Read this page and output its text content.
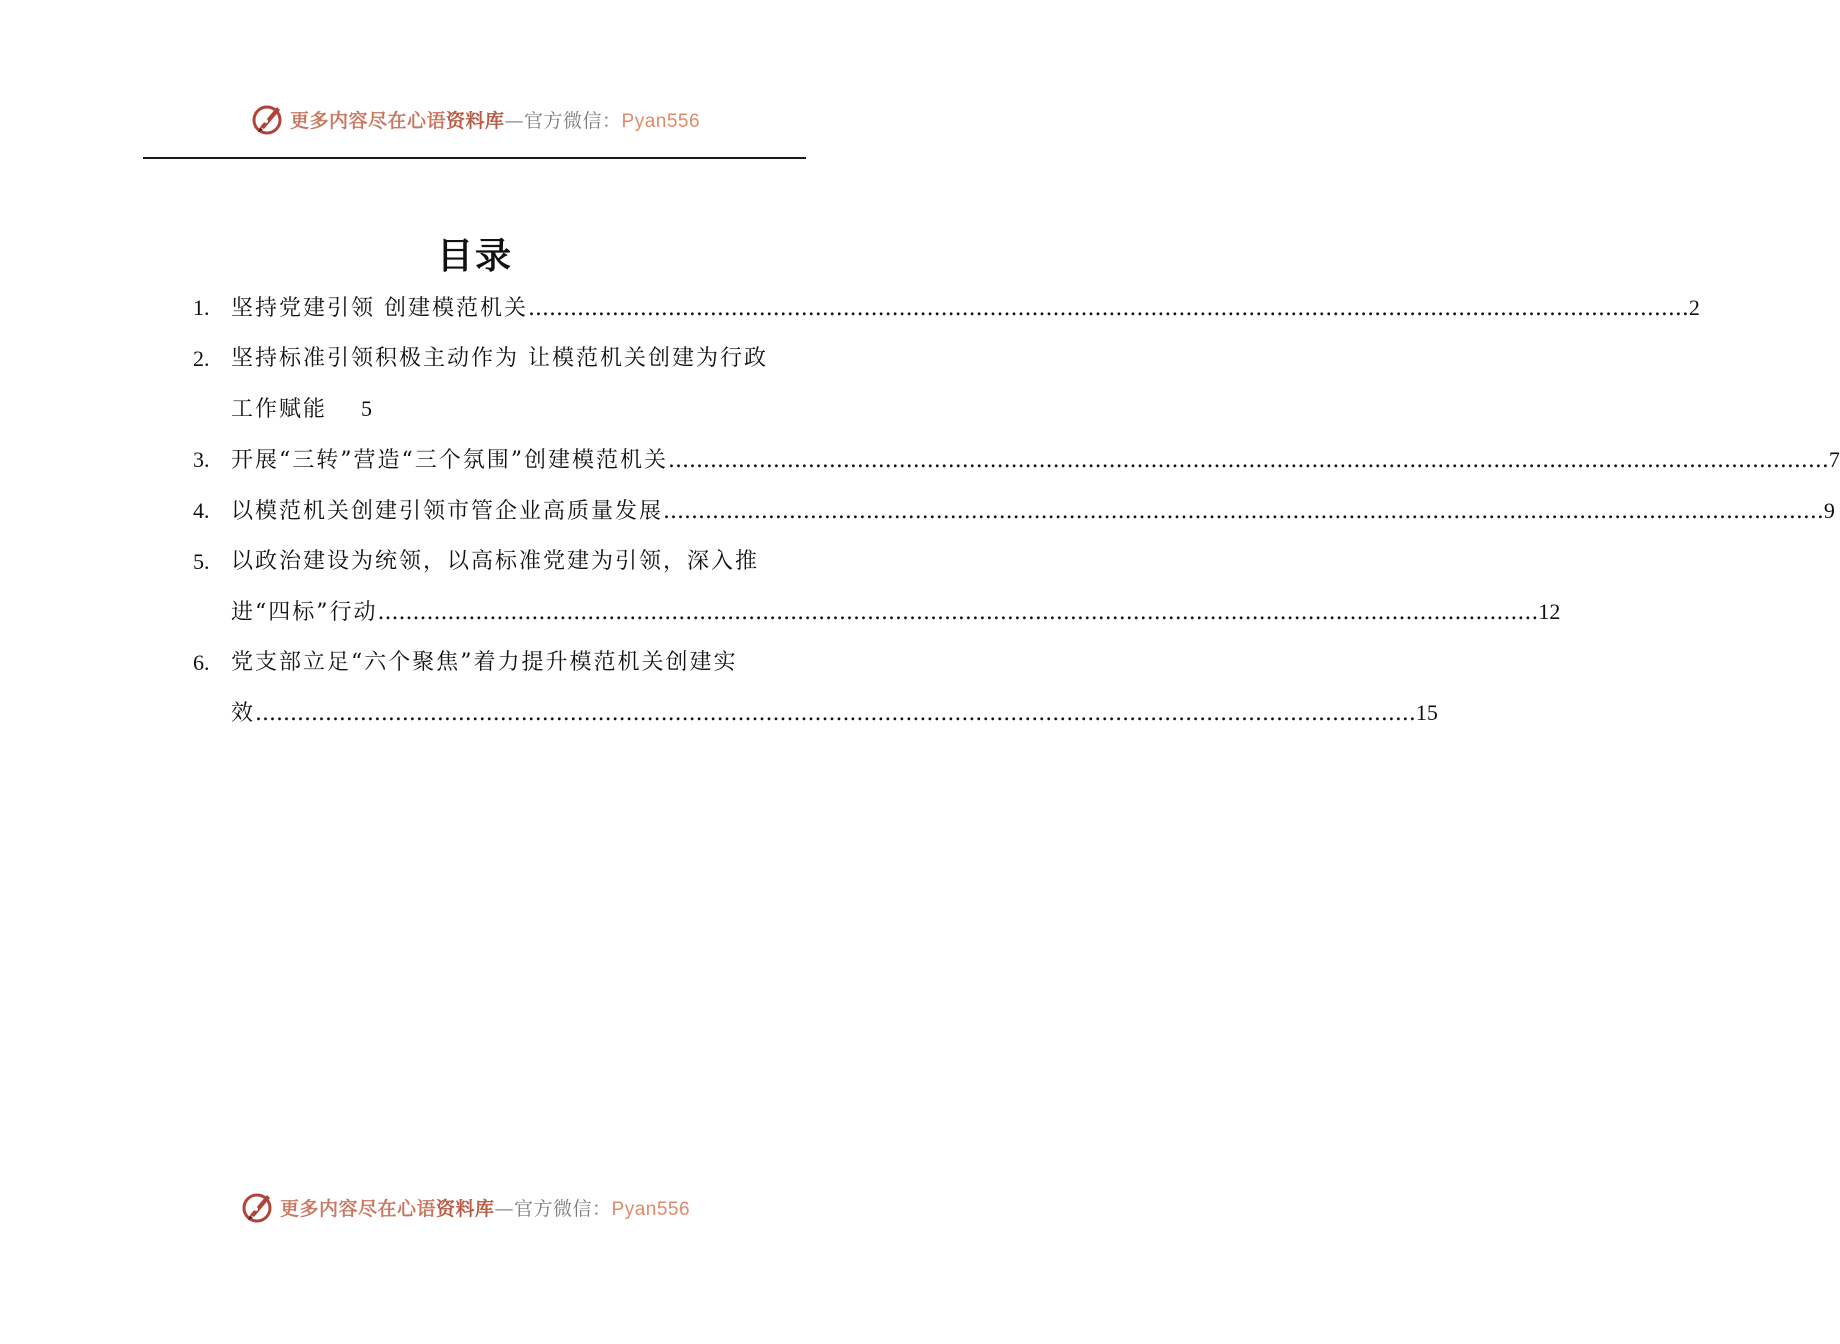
更多内容尽在心语资料库—官方微信：Pyan556
目录
1. 坚持党建引领 创建模范机关 .....	2
2. 坚持标准引领积极主动作为 让模范机关创建为行政
工作赋能 5
3. 开展“三转”营造“三个氛围”创建模范机关 .....	7
4. 以模范机关创建引领市管企业高质量发展 .....	9
5. 以政治建设为统领，以高标准党建为引领，深入推
进“四标”行动 .....	12
6. 党支部立足“六个聚焦”着力提升模范机关创建实
效 .....	15
更多内容尽在心语资料库—官方微信：Pyan556
